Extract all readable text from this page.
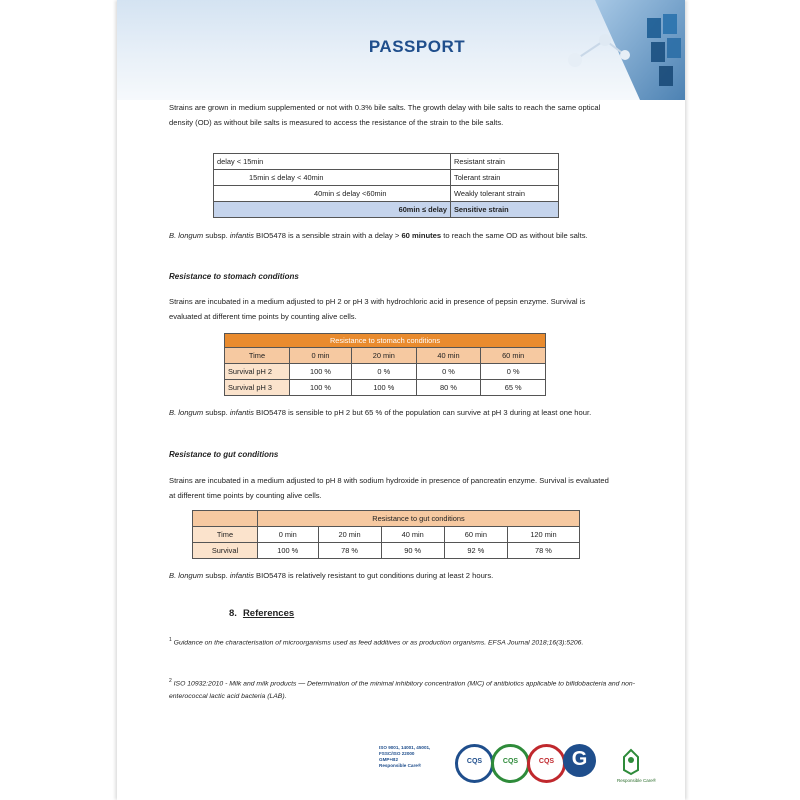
PASSPORT
Strains are grown in medium supplemented or not with 0.3% bile salts. The growth delay with bile salts to reach the same optical density (OD) as without bile salts is measured to access the resistance of the strain to the bile salts.
delay < 15min	Resistant strain
15min ≤ delay < 40min	Tolerant strain
40min ≤ delay <60min	Weakly tolerant strain
60min ≤ delay	Sensitive strain
B. longum subsp. infantis BIO5478 is a sensible strain with a delay > 60 minutes to reach the same OD as without bile salts.
Resistance to stomach conditions
Strains are incubated in a medium adjusted to pH 2 or pH 3 with hydrochloric acid in presence of pepsin enzyme. Survival is evaluated at different time points by counting alive cells.
Resistance to stomach conditions				
Time	0 min	20 min	40 min	60 min
Survival pH 2	100 %	0 %	0 %	0 %
Survival pH 3	100 %	100 %	80 %	65 %
B. longum subsp. infantis BIO5478 is sensible to pH 2 but 65 % of the population can survive at pH 3 during at least one hour.
Resistance to gut conditions
Strains are incubated in a medium adjusted to pH 8 with sodium hydroxide in presence of pancreatin enzyme. Survival is evaluated at different time points by counting alive cells.
	Resistance to gut conditions				
Time	0 min	20 min	40 min	60 min	120 min
Survival	100 %	78 %	90 %	92 %	78 %
B. longum subsp. infantis BIO5478 is relatively resistant to gut conditions during at least 2 hours.
8. References
$^1$ Guidance on the characterisation of microorganisms used as feed additives or as production organisms. EFSA Journal 2018;16(3):5206.
$^2$ ISO 10932:2010 - Milk and milk products — Determination of the minimal inhibitory concentration (MIC) of antibiotics applicable to bifidobacteria and non-enterococcal lactic acid bacteria (LAB).
ISO 9001, 14001, 45001,
FSSC/ISO 22000
GMP+B2
Responsible Care®
CQS	CQS	CQS G
Responsible Care®
